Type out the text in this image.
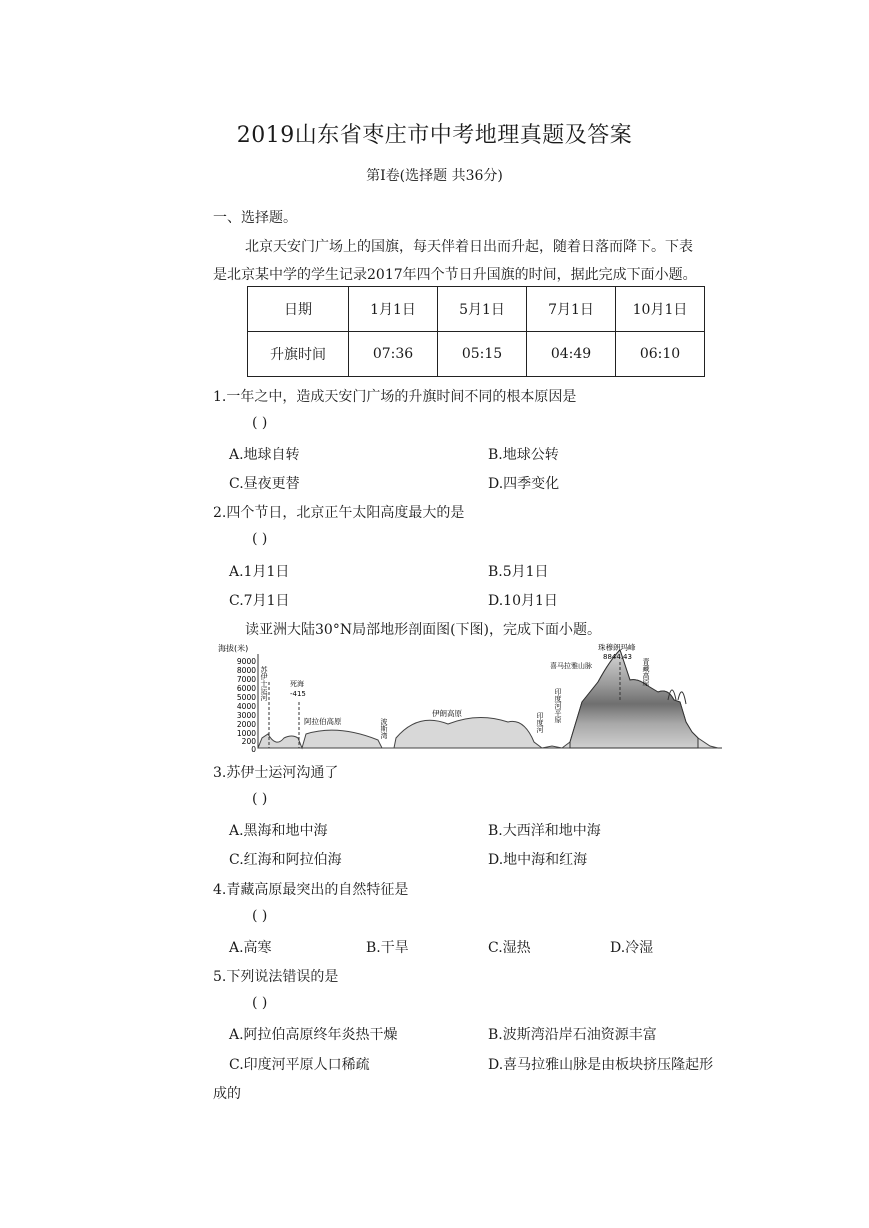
2019山东省枣庄市中考地理真题及答案
第Ⅰ卷(选择题 共36分)
一、选择题。
北京天安门广场上的国旗，每天伴着日出而升起，随着日落而降下。下表
是北京某中学的学生记录2017年四个节日升国旗的时间，据此完成下面小题。
日期	1月1日	5月1日	7月1日	10月1日
升旗时间	07:36	05:15	04:49	06:10
1.一年之中，造成天安门广场的升旗时间不同的根本原因是
( )
A.地球自转	B.地球公转
C.昼夜更替	D.四季变化
2.四个节日，北京正午太阳高度最大的是
( )
A.1月1日	B.5月1日
C.7月1日	D.10月1日
读亚洲大陆30°N局部地形剖面图(下图)，完成下面小题。
海拔(米)
9000
8000
7000
6000
5000
4000
3000
2000
1000
200
0
苏伊士运河	死海
-415
阿拉伯高原	波斯湾
伊朗高原	印度河 印度河平原
珠穆朗玛峰
8844.43
喜马拉雅山脉	青藏高原
3.苏伊士运河沟通了
( )
A.黑海和地中海	B.大西洋和地中海
C.红海和阿拉伯海	D.地中海和红海
4.青藏高原最突出的自然特征是
( )
A.高寒	B.干旱	C.湿热	D.冷湿
5.下列说法错误的是
( )
A.阿拉伯高原终年炎热干燥	B.波斯湾沿岸石油资源丰富
C.印度河平原人口稀疏	D.喜马拉雅山脉是由板块挤压隆起形
成的
